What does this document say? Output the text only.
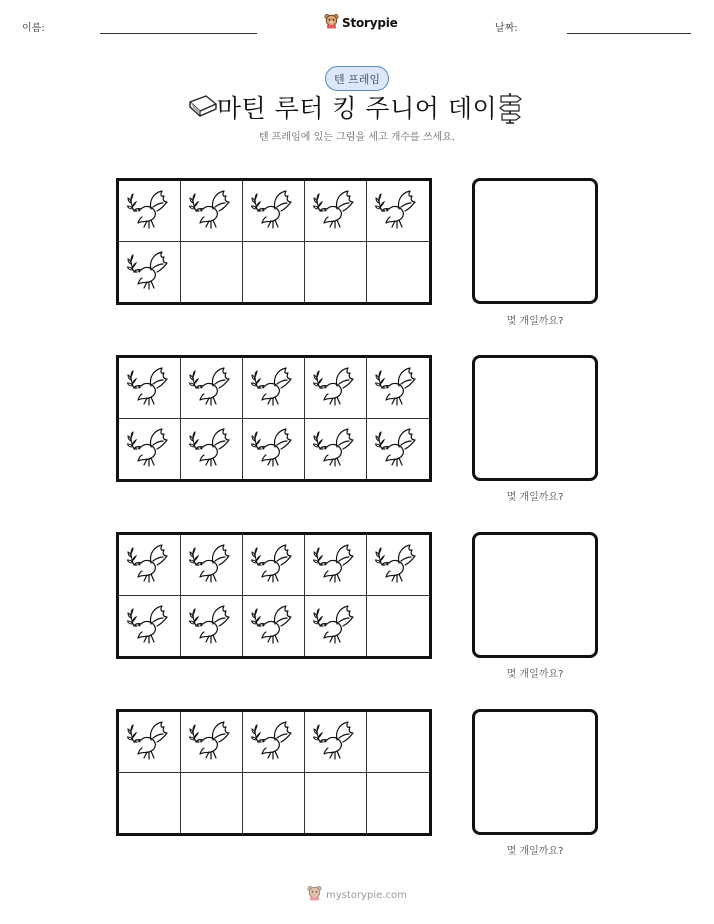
이름:	Storypie	날짜:
텐 프레임
마틴 루터 킹 주니어 데이
텐 프레임에 있는 그림을 세고 개수를 쓰세요.
몇 개일까요?
몇 개일까요?
몇 개일까요?
몇 개일까요?
mystorypie.com
